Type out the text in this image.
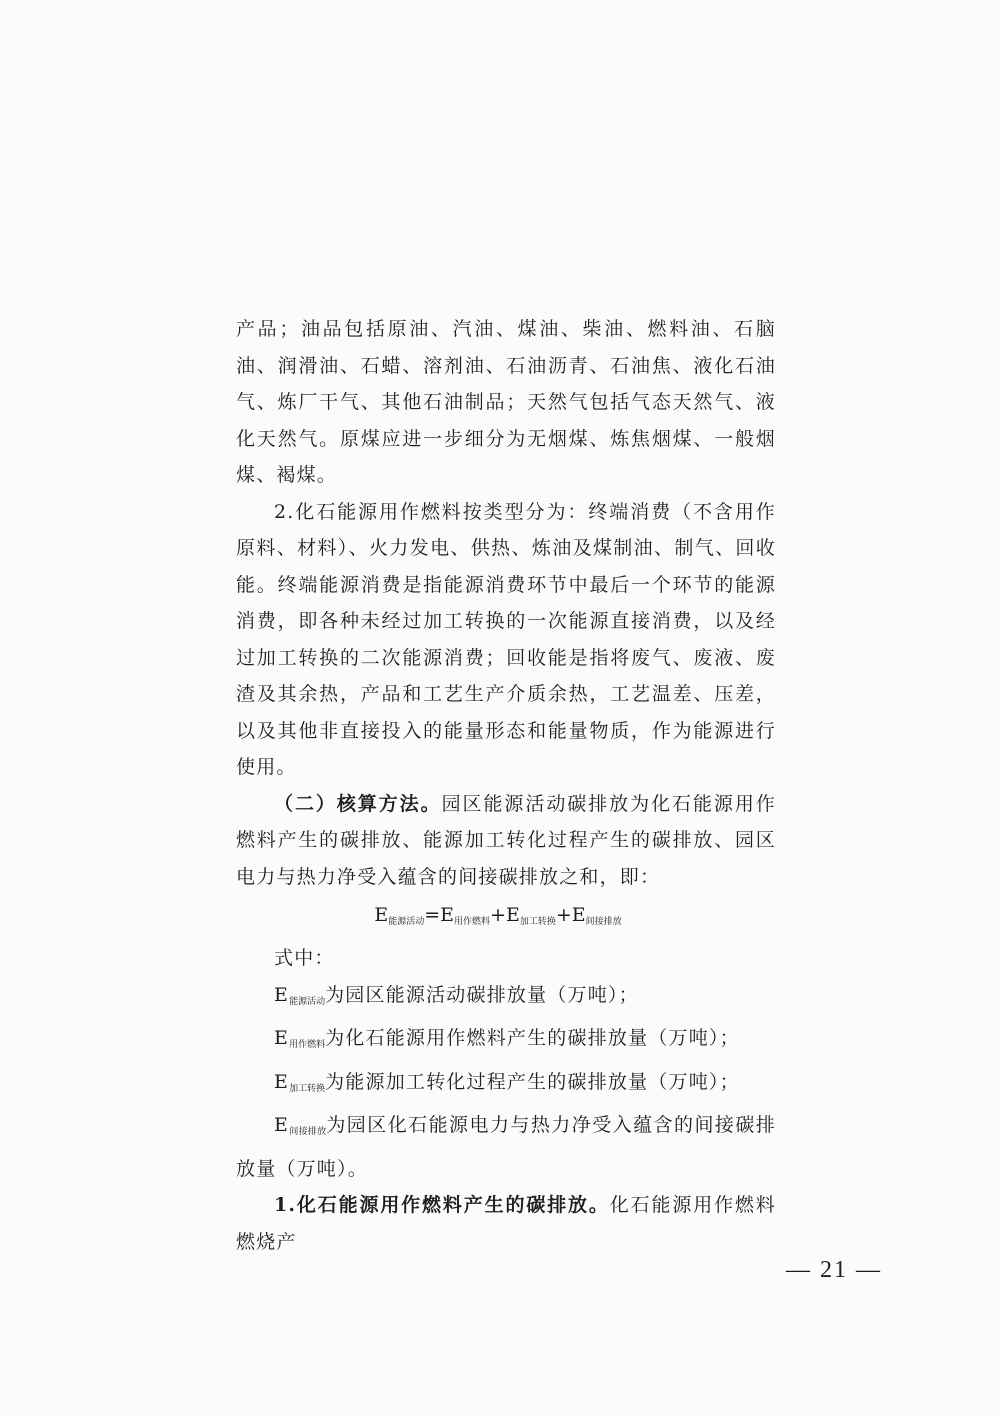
产品；油品包括原油、汽油、煤油、柴油、燃料油、石脑油、润滑油、石蜡、溶剂油、石油沥青、石油焦、液化石油气、炼厂干气、其他石油制品；天然气包括气态天然气、液化天然气。原煤应进一步细分为无烟煤、炼焦烟煤、一般烟煤、褐煤。

2.化石能源用作燃料按类型分为：终端消费（不含用作原料、材料）、火力发电、供热、炼油及煤制油、制气、回收能。终端能源消费是指能源消费环节中最后一个环节的能源消费，即各种未经过加工转换的一次能源直接消费，以及经过加工转换的二次能源消费；回收能是指将废气、废液、废渣及其余热，产品和工艺生产介质余热，工艺温差、压差，以及其他非直接投入的能量形态和能量物质，作为能源进行使用。

（二）核算方法。园区能源活动碳排放为化石能源用作燃料产生的碳排放、能源加工转化过程产生的碳排放、园区电力与热力净受入蕴含的间接碳排放之和，即：

$E_{能源活动}=E_{用作燃料}+E_{加工转换}+E_{间接排放}$

式中：

$E_{能源活动}$为园区能源活动碳排放量（万吨）；

$E_{用作燃料}$为化石能源用作燃料产生的碳排放量（万吨）；

$E_{加工转换}$为能源加工转化过程产生的碳排放量（万吨）；

$E_{间接排放}$为园区化石能源电力与热力净受入蕴含的间接碳排放量（万吨）。

1.化石能源用作燃料产生的碳排放。化石能源用作燃料燃烧产

— 21 —
